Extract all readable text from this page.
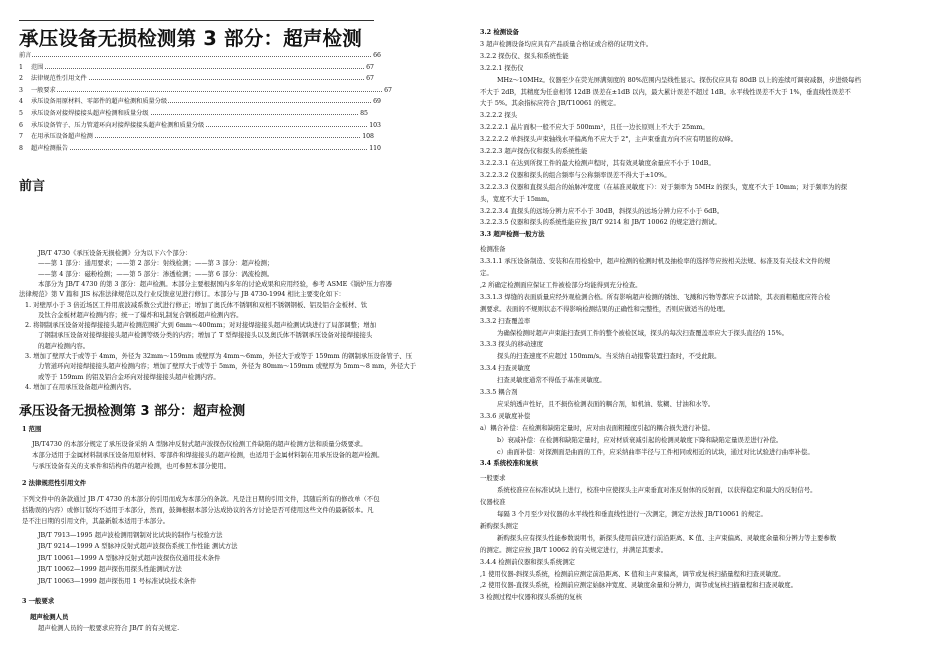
承压设备无损检测第 3 部分：超声检测
前言	66
1 范围	67
2 法律规范性引用文件	67
3 一般要求	67
4 承压设备用原材料、零部件的超声检测和质量分级	69
5 承压设备对接焊接接头超声检测和质量分级	85
6 承压设备管子、压力管道环向对接焊接接头超声检测和质量分级	103
7 在用承压设备超声检测	108
8 超声检测报告	110
前言
JB/T 4730《承压设备无损检测》分为以下六个部分：
——第 1 部分：通用要求；——第 2 部分：射线检测；——第 3 部分：超声检测；
——第 4 部分：磁粉检测；——第 5 部分：渗透检测；——第 6 部分：涡流检测。
本部分为 JB/T 4730 的第 3 部分：超声检测。本部分主要根据国内多年的讨论成果和应用经验，参考 ASME《锅炉压力容器
法律规范》第 V 篇和 JIS 标准法律规范以及行业反馈意见进行修订。本部分与 JB 4730-1994 相比主要变化如下：
1. 对壁厚小于 3 倍近场区工件用底波减系数公式进行修正；增加了奥氏体不锈钢和双相不锈钢钢板、铝及铝合金板材、钛
及钛合金板材超声检测内容；统一了爆炸和轧制复合钢板超声检测内容。
2. 将钢制承压设备对接焊接接头超声检测范围扩大到 6mm～400mm；对对接焊接接头超声检测试块进行了局部调整；增加
了钢制承压设备对接焊接接头超声检测等级分类的内容；增加了 T 型焊接接头以及奥氏体不锈钢承压设备对接焊接接头
的超声检测内容。
3. 增加了壁厚大于或等于 4mm，外径为 32mm～159mm 或壁厚为 4mm～6mm，外径大于或等于 159mm 的钢制承压设备管子、压
力管道环向对接焊接接头超声检测内容；增加了壁厚大于或等于 5mm，外径为 80mm～159mm 或壁厚为 5mm～8 mm，外径大于
或等于 159mm 的铝及铝合金环向对接焊接接头超声检测内容。
4. 增加了在用承压设备超声检测内容。
承压设备无损检测第 3 部分：超声检测
1 范围
JB/T4730 的本部分规定了承压设备采纳 A 型脉冲反射式超声波探伤仪检测工件缺陷的超声检测方法和质量分级要求。
本部分适用于金属材料制承压设备用原材料、零部件和焊接接头的超声检测，也适用于金属材料制在用承压设备的超声检测。
与承压设备有关的支承件和结构件的超声检测，也可参照本部分使用。
2 法律规范性引用文件
下列文件中的条款通过 JB /T 4730 的本部分的引用而成为本部分的条款。凡是注日期的引用文件，其随后所有的修改单（不包
括勘误的内容）或修订版均不适用于本部分，然而，鼓舞根据本部分达成协议的各方讨论是否可使用这些文件的最新版本。凡
是不注日期的引用文件，其最新版本适用于本部分。
JB/T 7913—1995 超声波检测用钢制对比试块的制作与校验方法
JB/T 9214—1999 A 型脉冲反射式超声波探伤系统工作性能 测试方法
JB/T 10061—1999 A 型脉冲反射式超声波探伤仪通用技术条件
JB/T 10062—1999 超声探伤用探头性能测试方法
JB/T 10063—1999 超声探伤用 1 号标准试块技术条件
3 一般要求
超声检测人员
超声检测人员的一般要求应符合 JB/T 的有关规定.
3.2 检测设备
3 超声检测设备均应具有产品质量合格证或合格的证明文件。
3.2.2 探伤仪、探头和系统性能
3.2.2.1 探伤仪
MHz～10MHz。仪器至少在荧光屏满刻度的 80%范围内呈线性显示。探伤仪应具有 80dB 以上的连续可调衰减器，步进级每档
不大于 2dB，其精度为任意相邻 12dB 误差在±1dB 以内，最大累计误差不超过 1dB。水平线性误差不大于 1%，垂直线性误差不
大于 5%。其余指标应符合 JB/T10061 的规定。
3.2.2.2 探头
3.2.2.2.1 晶片面积一般不应大于 500mm²，且任一边长原则上不大于 25mm。
3.2.2.2.2 单斜探头声束轴线水平偏离角不应大于 2°，主声束垂直方向不应有明显的双峰。
3.2.2.3 超声探伤仪和探头的系统性能
3.2.2.3.1 在达到所探工件的最大检测声程时，其有效灵敏度余量应不小于 10dB。
3.2.2.3.2 仪器和探头的组合频率与公称频率误差不得大于±10%。
3.2.2.3.3 仪器和直探头组合的始脉冲宽度（在基准灵敏度下）：对于频率为 5MHz 的探头，宽度不大于 10mm；对于频率为的探
头，宽度不大于 15mm。
3.2.2.3.4 直探头的远场分辨力应不小于 30dB，斜探头的远场分辨力应不小于 6dB。
3.2.2.3.5 仪器和探头的系统性能应按 JB/T 9214 和 JB/T 10062 的规定进行测试。
3.3 超声检测一般方法
检测准备
3.3.1.1 承压设备制造、安装和在用检验中，超声检测的检测时机及抽检率的选择等应按相关法规、标准及有关技术文件的规
定。
,2 所确定检测面应保证工件被检部分均能得到充分检查。
3.3.1.3 焊缝的表面质量应经外观检测合格。所有影响超声检测的锈蚀、飞溅和污物等都应予以清除，其表面粗糙度应符合检
测要求。表面的不规则状态不得影响检测结果的正确性和完整性，否则应做适当的处理。
3.3.2 扫查覆盖率
为确保检测时超声声束能扫查到工件的整个被检区域，探头的每次扫查覆盖率应大于探头直径的 15%。
3.3.3 探头的移动速度
探头的扫查速度不应超过 150mm/s。当采纳自动报警装置扫查时，不受此限。
3.3.4 扫查灵敏度
扫查灵敏度通常不得低于基准灵敏度。
3.3.5 耦合剂
应采纳透声性好，且不损伤检测表面的耦合剂，如机油、浆糊、甘油和水等。
3.3.6 灵敏度补偿
a）耦合补偿：在检测和缺陷定量时，应对由表面粗糙度引起的耦合损失进行补偿。
b）衰减补偿：在检测和缺陷定量时，应对材质衰减引起的检测灵敏度下降和缺陷定量误差进行补偿。
c）曲面补偿：对探测面是曲面的工件，应采纳曲率半径与工件相同或相近的试块，通过对比试验进行曲率补偿。
3.4 系统校准和复核
一般要求
系统校准应在标准试块上进行，校准中应使探头主声束垂直对准反射体的反射面，以获得稳定和最大的反射信号。
仪器校准
每隔 3 个月至少对仪器的水平线性和垂直线性进行一次测定，测定方法按 JB/T10061 的规定。
新购探头测定
新购探头应有探头性能参数说明书，新探头使用前应进行前沿距离、K 值、主声束偏离、灵敏度余量和分辨力等主要参数
的测定。测定应按 JB/T 10062 的有关规定进行，并满足其要求。
3.4.4 检测前仪器和探头系统测定
,1 使用仪器-斜探头系统，检测前应测定前沿距离、K 值和主声束偏离，调节或复核扫描量程和扫查灵敏度。
,2 使用仪器-直探头系统，检测前应测定始脉冲宽度、灵敏度余量和分辨力，调节或复核扫描量程和扫查灵敏度。
3 检测过程中仪器和探头系统的复核
